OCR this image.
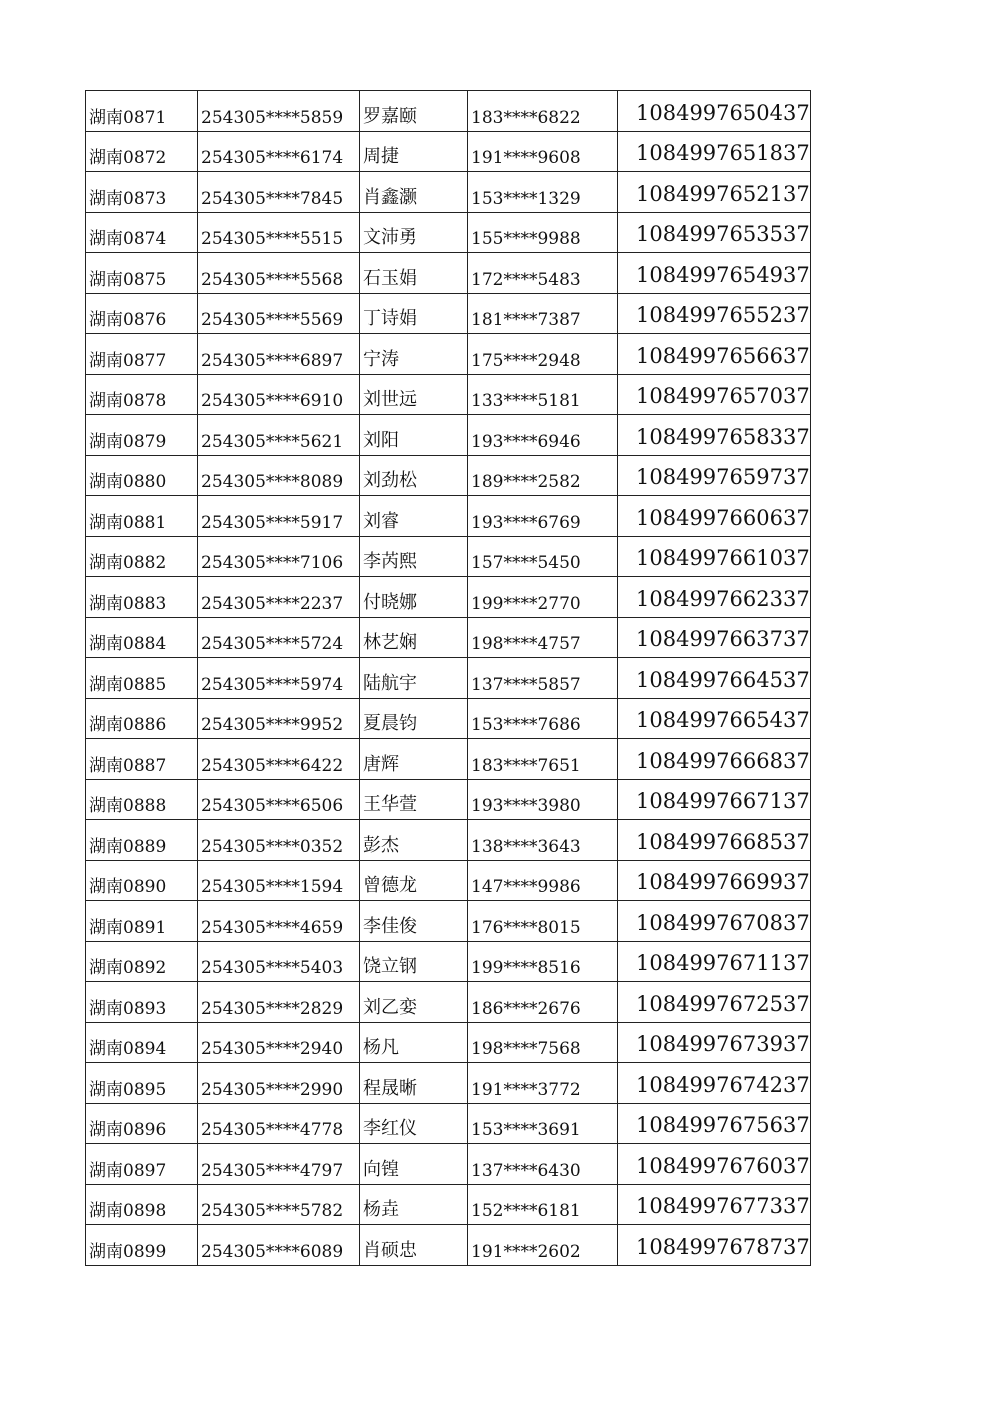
湖南0871	254305****5859	罗嘉颐	183****6822	1084997650437
湖南0872	254305****6174	周捷	191****9608	1084997651837
湖南0873	254305****7845	肖鑫灏	153****1329	1084997652137
湖南0874	254305****5515	文沛勇	155****9988	1084997653537
湖南0875	254305****5568	石玉娟	172****5483	1084997654937
湖南0876	254305****5569	丁诗娟	181****7387	1084997655237
湖南0877	254305****6897	宁涛	175****2948	1084997656637
湖南0878	254305****6910	刘世远	133****5181	1084997657037
湖南0879	254305****5621	刘阳	193****6946	1084997658337
湖南0880	254305****8089	刘劲松	189****2582	1084997659737
湖南0881	254305****5917	刘睿	193****6769	1084997660637
湖南0882	254305****7106	李芮熙	157****5450	1084997661037
湖南0883	254305****2237	付晓娜	199****2770	1084997662337
湖南0884	254305****5724	林艺娴	198****4757	1084997663737
湖南0885	254305****5974	陆航宇	137****5857	1084997664537
湖南0886	254305****9952	夏晨钧	153****7686	1084997665437
湖南0887	254305****6422	唐辉	183****7651	1084997666837
湖南0888	254305****6506	王华萱	193****3980	1084997667137
湖南0889	254305****0352	彭杰	138****3643	1084997668537
湖南0890	254305****1594	曾德龙	147****9986	1084997669937
湖南0891	254305****4659	李佳俊	176****8015	1084997670837
湖南0892	254305****5403	饶立钢	199****8516	1084997671137
湖南0893	254305****2829	刘乙娈	186****2676	1084997672537
湖南0894	254305****2940	杨凡	198****7568	1084997673937
湖南0895	254305****2990	程晟晰	191****3772	1084997674237
湖南0896	254305****4778	李红仪	153****3691	1084997675637
湖南0897	254305****4797	向锽	137****6430	1084997676037
湖南0898	254305****5782	杨垚	152****6181	1084997677337
湖南0899	254305****6089	肖硕忠	191****2602	1084997678737
